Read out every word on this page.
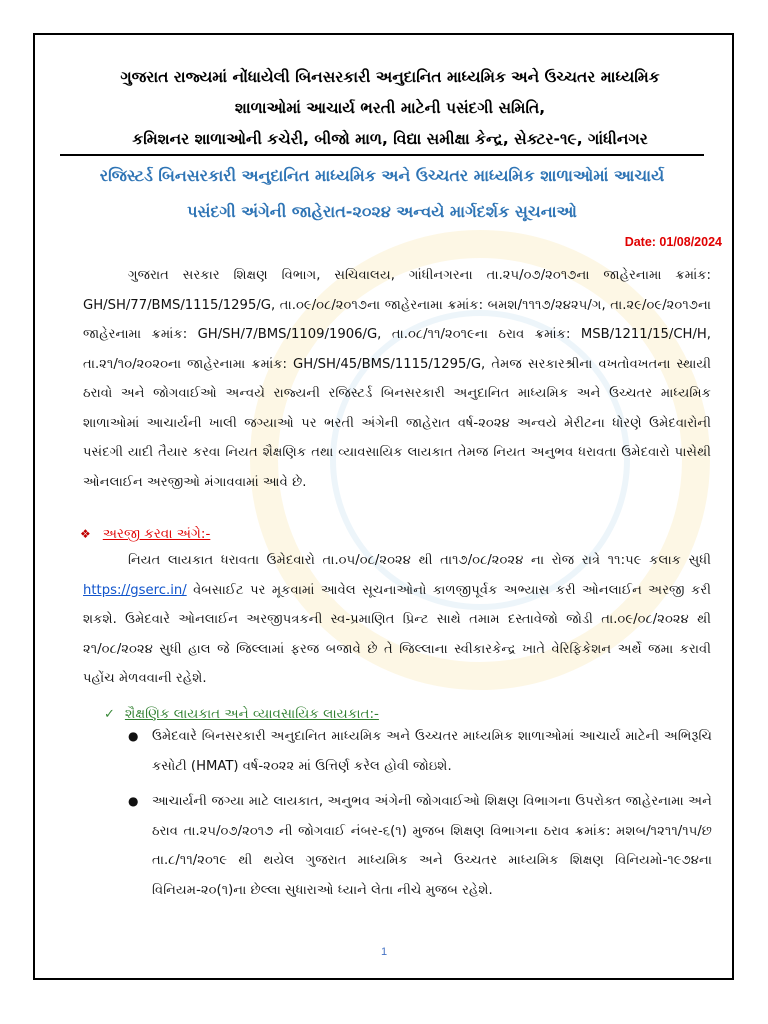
ગુજરાત રાજ્યમાં નોંધાયેલી બિનસરકારી અનુદાનિત માધ્યમિક અને ઉચ્ચતર માધ્યમિક
શાળાઓમાં આચાર્ય ભરતી માટેની પસંદગી સમિતિ,
કમિશનર શાળાઓની કચેરી, બીજો માળ, વિદ્યા સમીક્ષા કેન્દ્ર, સેક્ટર-૧૯, ગાંધીનગર
રજિસ્ટર્ડ બિનસરકારી અનુદાનિત માધ્યમિક અને ઉચ્ચતર માધ્યમિક શાળાઓમાં આચાર્ય
પસંદગી અંગેની જાહેરાત-૨૦૨૪ અન્વયે માર્ગદર્શક સૂચનાઓ
Date: 01/08/2024
ગુજરાત સરકાર શિક્ષણ વિભાગ, સચિવાલય, ગાંધીનગરના તા.૨૫/૦૭/૨૦૧૭ના જાહેરનામા ક્રમાંક: GH/SH/77/BMS/1115/1295/G, તા.૦૯/૦૮/૨૦૧૭ના જાહેરનામા ક્રમાંક: બમશ/૧૧૧૭/૨૪૨૫/ગ, તા.૨૯/૦૯/૨૦૧૭ના જાહેરનામા ક્રમાંક: GH/SH/7/BMS/1109/1906/G, તા.૦૮/૧૧/૨૦૧૯ના ઠરાવ ક્રમાંક: MSB/1211/15/CH/H, તા.૨૧/૧૦/૨૦૨૦ના જાહેરનામા ક્રમાંક: GH/SH/45/BMS/1115/1295/G, તેમજ સરકારશ્રીના વખતોવખતના સ્થાયી ઠરાવો અને જોગવાઈઓ અન્વયે રાજ્યની રજિસ્ટર્ડ બિનસરકારી અનુદાનિત માધ્યમિક અને ઉચ્ચતર માધ્યમિક શાળાઓમાં આચાર્યની ખાલી જગ્યાઓ પર ભરતી અંગેની જાહેરાત વર્ષ-૨૦૨૪ અન્વયે મેરીટના ધોરણે ઉમેદવારોની પસંદગી યાદી તૈયાર કરવા નિયત શૈક્ષણિક તથા વ્યાવસાયિક લાયકાત તેમજ નિયત અનુભવ ધરાવતા ઉમેદવારો પાસેથી ઓનલાઈન અરજીઓ મંગાવવામાં આવે છે.
❖ અરજી કરવા અંગે:-
નિયત લાયકાત ધરાવતા ઉમેદવારો તા.૦૫/૦૮/૨૦૨૪ થી તા૧૭/૦૮/૨૦૨૪ ના રોજ રાત્રે ૧૧:૫૯ કલાક સુધી https://gserc.in/ વેબસાઈટ પર મૂકવામાં આવેલ સૂચનાઓનો કાળજીપૂર્વક અભ્યાસ કરી ઓનલાઈન અરજી કરી શકશે. ઉમેદવારે ઓનલાઈન અરજીપત્રકની સ્વ-પ્રમાણિત પ્રિન્ટ સાથે તમામ દસ્તાવેજો જોડી તા.૦૯/૦૮/૨૦૨૪ થી ૨૧/૦૮/૨૦૨૪ સુધી હાલ જે જિલ્લામાં ફરજ બજાવે છે તે જિલ્લાના સ્વીકારકેન્દ્ર ખાતે વેરિફિકેશન અર્થે જમા કરાવી પહોંચ મેળવવાની રહેશે.
✓ શૈક્ષણિક લાયકાત અને વ્યાવસાયિક લાયકાત:-
● ઉમેદવારે બિનસરકારી અનુદાનિત માધ્યમિક અને ઉચ્ચતર માધ્યમિક શાળાઓમાં આચાર્ય માટેની અભિરૂચિ કસોટી (HMAT) વર્ષ-૨૦૨૨ માં ઉત્તિર્ણ કરેલ હોવી જોઇશે.
● આચાર્યની જગ્યા માટે લાયકાત, અનુભવ અંગેની જોગવાઈઓ શિક્ષણ વિભાગના ઉપરોક્ત જાહેરનામા અને ઠરાવ તા.૨૫/૦૭/૨૦૧૭ ની જોગવાઈ નંબર-૬(૧) મુજબ શિક્ષણ વિભાગના ઠરાવ ક્રમાંક: મશબ/૧૨૧૧/૧૫/છ તા.૮/૧૧/૨૦૧૯ થી થયેલ ગુજરાત માધ્યમિક અને ઉચ્ચતર માધ્યમિક શિક્ષણ વિનિયમો-૧૯૭૪ના વિનિયમ-૨૦(૧)ના છેલ્લા સુધારાઓ ધ્યાને લેતા નીચે મુજબ રહેશે.
1
